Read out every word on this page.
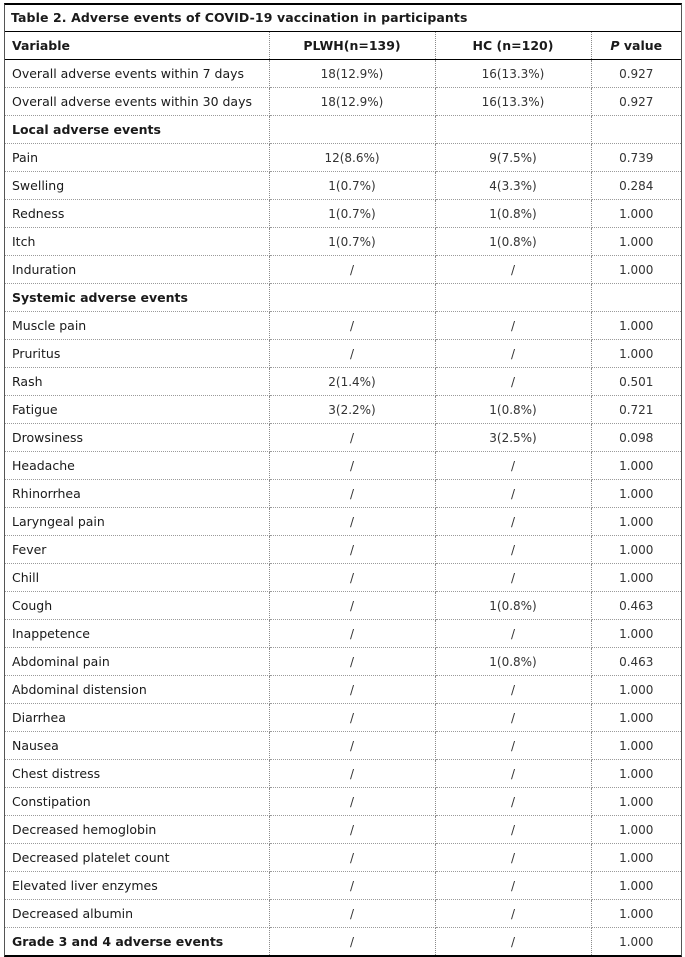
Table 2. Adverse events of COVID-19 vaccination in participants
Variable	PLWH(n=139)	HC (n=120)	P value
Overall adverse events within 7 days	18(12.9%)	16(13.3%)	0.927
Overall adverse events within 30 days	18(12.9%)	16(13.3%)	0.927
Local adverse events			
Pain	12(8.6%)	9(7.5%)	0.739
Swelling	1(0.7%)	4(3.3%)	0.284
Redness	1(0.7%)	1(0.8%)	1.000
Itch	1(0.7%)	1(0.8%)	1.000
Induration	/	/	1.000
Systemic adverse events			
Muscle pain	/	/	1.000
Pruritus	/	/	1.000
Rash	2(1.4%)	/	0.501
Fatigue	3(2.2%)	1(0.8%)	0.721
Drowsiness	/	3(2.5%)	0.098
Headache	/	/	1.000
Rhinorrhea	/	/	1.000
Laryngeal pain	/	/	1.000
Fever	/	/	1.000
Chill	/	/	1.000
Cough	/	1(0.8%)	0.463
Inappetence	/	/	1.000
Abdominal pain	/	1(0.8%)	0.463
Abdominal distension	/	/	1.000
Diarrhea	/	/	1.000
Nausea	/	/	1.000
Chest distress	/	/	1.000
Constipation	/	/	1.000
Decreased hemoglobin	/	/	1.000
Decreased platelet count	/	/	1.000
Elevated liver enzymes	/	/	1.000
Decreased albumin	/	/	1.000
Grade 3 and 4 adverse events	/	/	1.000
